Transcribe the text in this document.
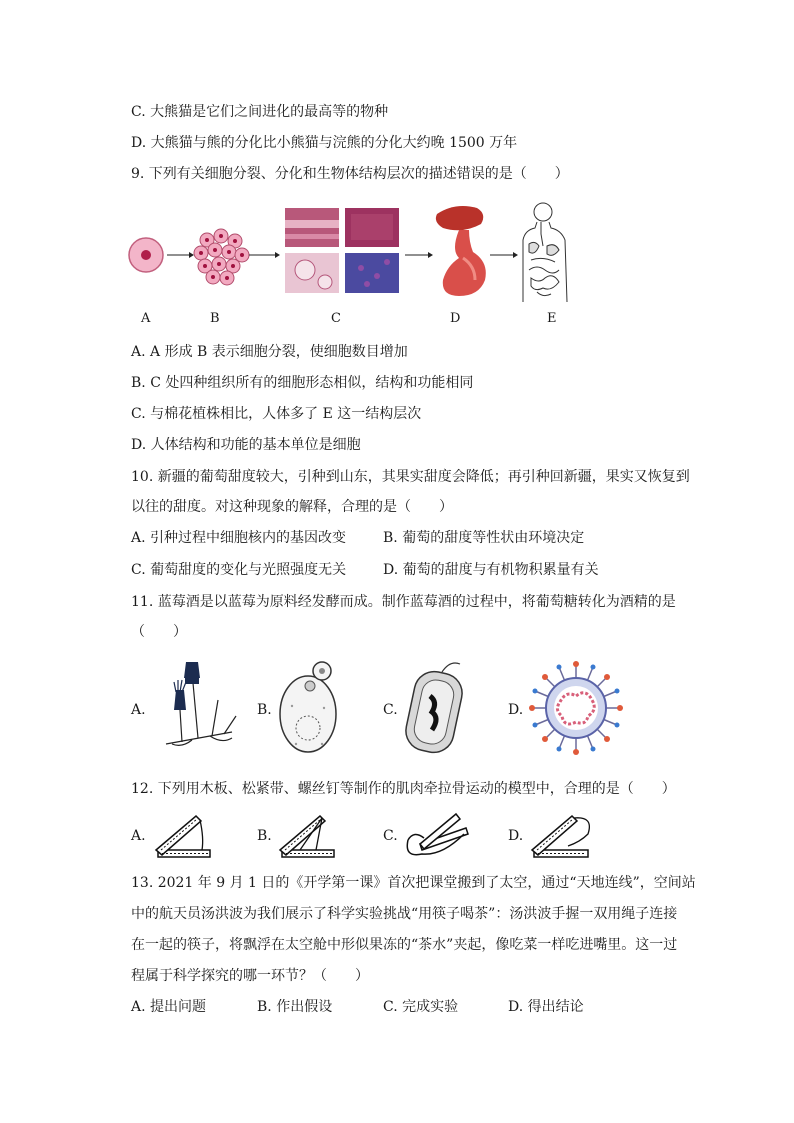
C. 大熊猫是它们之间进化的最高等的物种
D. 大熊猫与熊的分化比小熊猫与浣熊的分化大约晚 1500 万年
9. 下列有关细胞分裂、分化和生物体结构层次的描述错误的是（　　）
A	B	C	D	E
A. A 形成 B 表示细胞分裂，使细胞数目增加
B. C 处四种组织所有的细胞形态相似，结构和功能相同
C. 与棉花植株相比，人体多了 E 这一结构层次
D. 人体结构和功能的基本单位是细胞
10. 新疆的葡萄甜度较大，引种到山东，其果实甜度会降低；再引种回新疆，果实又恢复到
以往的甜度。对这种现象的解释，合理的是（　　）
A. 引种过程中细胞核内的基因改变	B. 葡萄的甜度等性状由环境决定
C. 葡萄甜度的变化与光照强度无关	D. 葡萄的甜度与有机物积累量有关
11. 蓝莓酒是以蓝莓为原料经发酵而成。制作蓝莓酒的过程中，将葡萄糖转化为酒精的是
（　　）
A.	B.	C.	D.
12. 下列用木板、松紧带、螺丝钉等制作的肌肉牵拉骨运动的模型中，合理的是（　　）
A.	B.	C.	D.
13. 2021 年 9 月 1 日的《开学第一课》首次把课堂搬到了太空，通过“天地连线”，空间站
中的航天员汤洪波为我们展示了科学实验挑战“用筷子喝茶”：汤洪波手握一双用绳子连接
在一起的筷子，将飘浮在太空舱中形似果冻的“茶水”夹起，像吃菜一样吃进嘴里。这一过
程属于科学探究的哪一环节？（　　）
A. 提出问题	B. 作出假设	C. 完成实验	D. 得出结论
